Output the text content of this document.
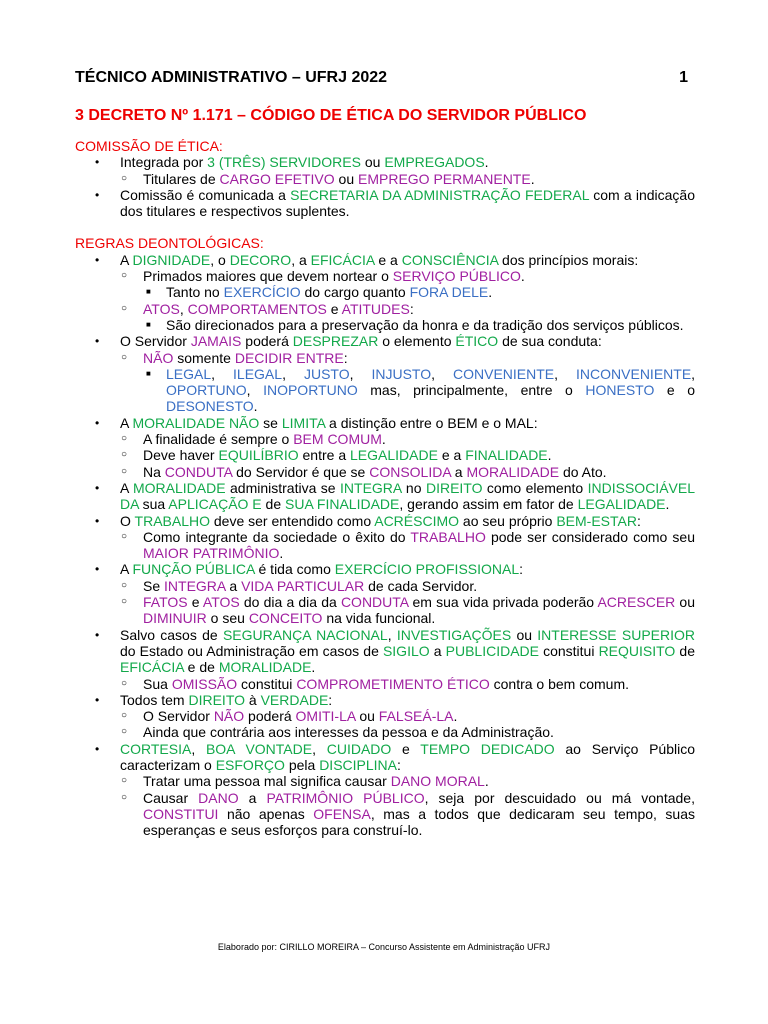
TÉCNICO ADMINISTRATIVO – UFRJ 2022	1
3 DECRETO Nº 1.171 – CÓDIGO DE ÉTICA DO SERVIDOR PÚBLICO
COMISSÃO DE ÉTICA:
• Integrada por 3 (TRÊS) SERVIDORES ou EMPREGADOS.
○ Titulares de CARGO EFETIVO ou EMPREGO PERMANENTE.
• Comissão é comunicada a SECRETARIA DA ADMINISTRAÇÃO FEDERAL com a indicação dos titulares e respectivos suplentes.
REGRAS DEONTOLÓGICAS:
• A DIGNIDADE, o DECORO, a EFICÁCIA e a CONSCIÊNCIA dos princípios morais:
○ Primados maiores que devem nortear o SERVIÇO PÚBLICO.
■ Tanto no EXERCÍCIO do cargo quanto FORA DELE.
○ ATOS, COMPORTAMENTOS e ATITUDES:
■ São direcionados para a preservação da honra e da tradição dos serviços públicos.
• O Servidor JAMAIS poderá DESPREZAR o elemento ÉTICO de sua conduta:
○ NÃO somente DECIDIR ENTRE:
■ LEGAL, ILEGAL, JUSTO, INJUSTO, CONVENIENTE, INCONVENIENTE, OPORTUNO, INOPORTUNO mas, principalmente, entre o HONESTO e o DESONESTO.
• A MORALIDADE NÃO se LIMITA a distinção entre o BEM e o MAL:
○ A finalidade é sempre o BEM COMUM.
○ Deve haver EQUILÍBRIO entre a LEGALIDADE e a FINALIDADE.
○ Na CONDUTA do Servidor é que se CONSOLIDA a MORALIDADE do Ato.
• A MORALIDADE administrativa se INTEGRA no DIREITO como elemento INDISSOCIÁVEL DA sua APLICAÇÃO E de SUA FINALIDADE, gerando assim em fator de LEGALIDADE.
• O TRABALHO deve ser entendido como ACRÉSCIMO ao seu próprio BEM-ESTAR:
○ Como integrante da sociedade o êxito do TRABALHO pode ser considerado como seu MAIOR PATRIMÔNIO.
• A FUNÇÃO PÚBLICA é tida como EXERCÍCIO PROFISSIONAL:
○ Se INTEGRA a VIDA PARTICULAR de cada Servidor.
○ FATOS e ATOS do dia a dia da CONDUTA em sua vida privada poderão ACRESCER ou DIMINUIR o seu CONCEITO na vida funcional.
• Salvo casos de SEGURANÇA NACIONAL, INVESTIGAÇÕES ou INTERESSE SUPERIOR do Estado ou Administração em casos de SIGILO a PUBLICIDADE constitui REQUISITO de EFICÁCIA e de MORALIDADE.
○ Sua OMISSÃO constitui COMPROMETIMENTO ÉTICO contra o bem comum.
• Todos tem DIREITO à VERDADE:
○ O Servidor NÃO poderá OMITI-LA ou FALSEÁ-LA.
○ Ainda que contrária aos interesses da pessoa e da Administração.
• CORTESIA, BOA VONTADE, CUIDADO e TEMPO DEDICADO ao Serviço Público caracterizam o ESFORÇO pela DISCIPLINA:
○ Tratar uma pessoa mal significa causar DANO MORAL.
○ Causar DANO a PATRIMÔNIO PÚBLICO, seja por descuidado ou má vontade, CONSTITUI não apenas OFENSA, mas a todos que dedicaram seu tempo, suas esperanças e seus esforços para construí-lo.
Elaborado por: CIRILLO MOREIRA – Concurso Assistente em Administração UFRJ
